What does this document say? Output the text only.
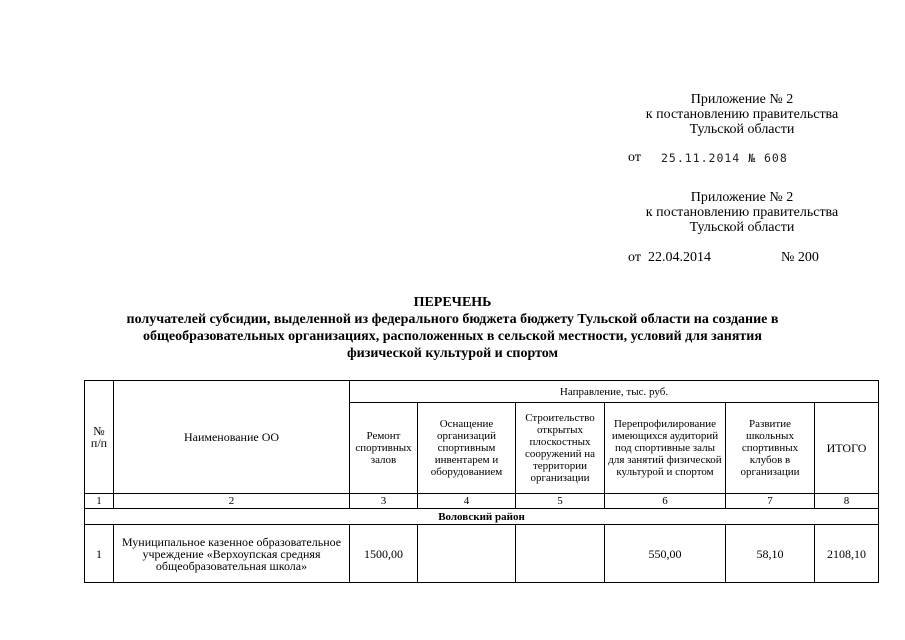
Приложение № 2
к постановлению правительства
Тульской области
от 25.11.2014 № 608
Приложение № 2
к постановлению правительства
Тульской области
от 22.04.2014	№ 200
ПЕРЕЧЕНЬ
получателей субсидии, выделенной из федерального бюджета бюджету Тульской области на создание в
общеобразовательных организациях, расположенных в сельской местности, условий для занятия
физической культурой и спортом
№ п/п	Наименование ОО	Направление, тыс. руб.					
		Ремонт спортивных залов	Оснащение организаций спортивным инвентарем и оборудованием	Строительство открытых плоскостных сооружений на территории организации	Перепрофилирование имеющихся аудиторий под спортивные залы для занятий физической культурой и спортом	Развитие школьных спортивных клубов в организации	ИТОГО
1	2	3	4	5	6	7	8
Воловский район							
1	Муниципальное казенное образовательное учреждение «Верхоупская средняя общеобразовательная школа»	1500,00			550,00	58,10	2108,10
